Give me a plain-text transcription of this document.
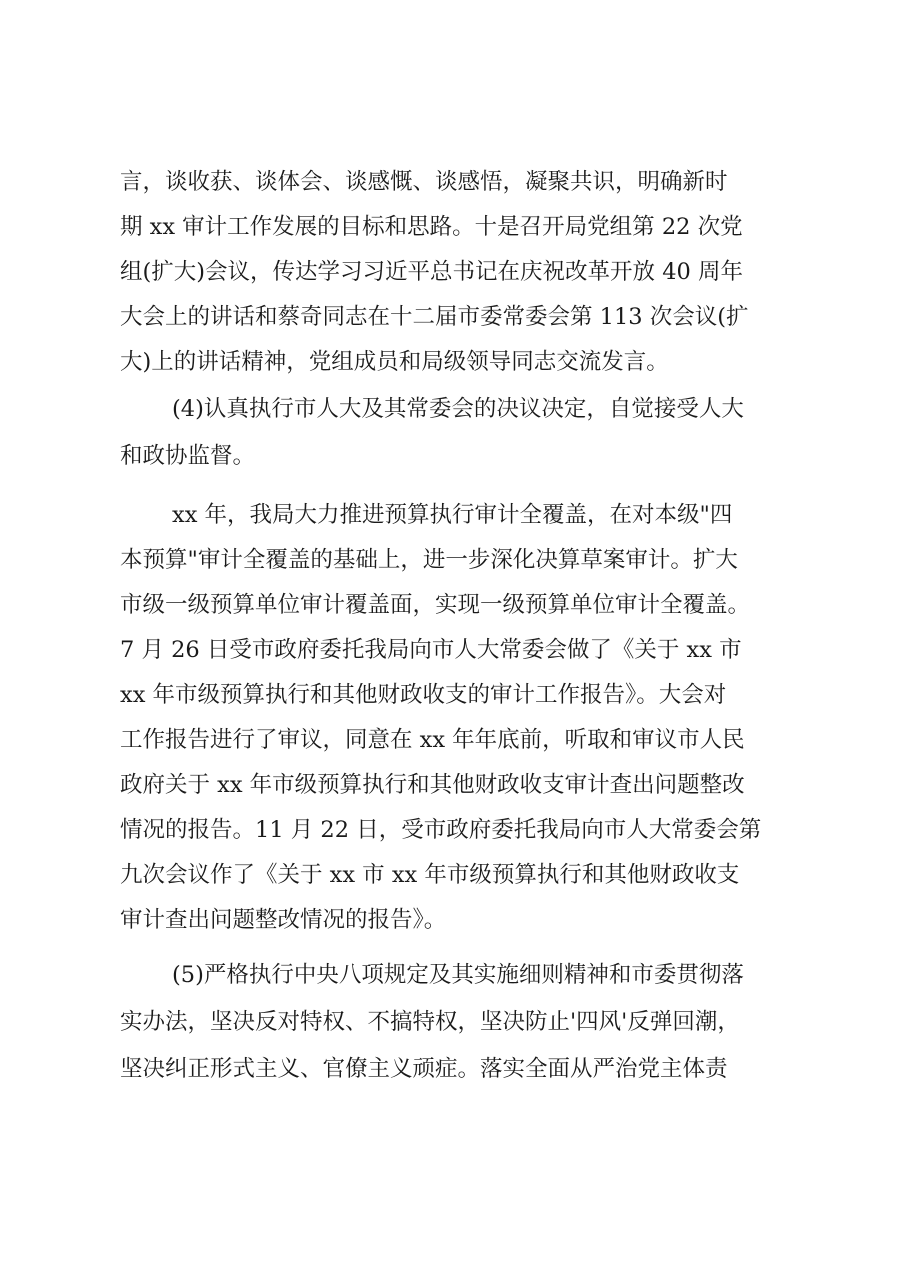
言，谈收获、谈体会、谈感慨、谈感悟，凝聚共识，明确新时
期 xx 审计工作发展的目标和思路。十是召开局党组第 22 次党
组(扩大)会议，传达学习习近平总书记在庆祝改革开放 40 周年
大会上的讲话和蔡奇同志在十二届市委常委会第 113 次会议(扩
大)上的讲话精神，党组成员和局级领导同志交流发言。
(4)认真执行市人大及其常委会的决议决定，自觉接受人大
和政协监督。
xx 年，我局大力推进预算执行审计全覆盖，在对本级"四
本预算"审计全覆盖的基础上，进一步深化决算草案审计。扩大
市级一级预算单位审计覆盖面，实现一级预算单位审计全覆盖。
7 月 26 日受市政府委托我局向市人大常委会做了《关于 xx 市
xx 年市级预算执行和其他财政收支的审计工作报告》。大会对
工作报告进行了审议，同意在 xx 年年底前，听取和审议市人民
政府关于 xx 年市级预算执行和其他财政收支审计查出问题整改
情况的报告。11 月 22 日，受市政府委托我局向市人大常委会第
九次会议作了《关于 xx 市 xx 年市级预算执行和其他财政收支
审计查出问题整改情况的报告》。
(5)严格执行中央八项规定及其实施细则精神和市委贯彻落
实办法，坚决反对特权、不搞特权，坚决防止'四风'反弹回潮，
坚决纠正形式主义、官僚主义顽症。落实全面从严治党主体责
